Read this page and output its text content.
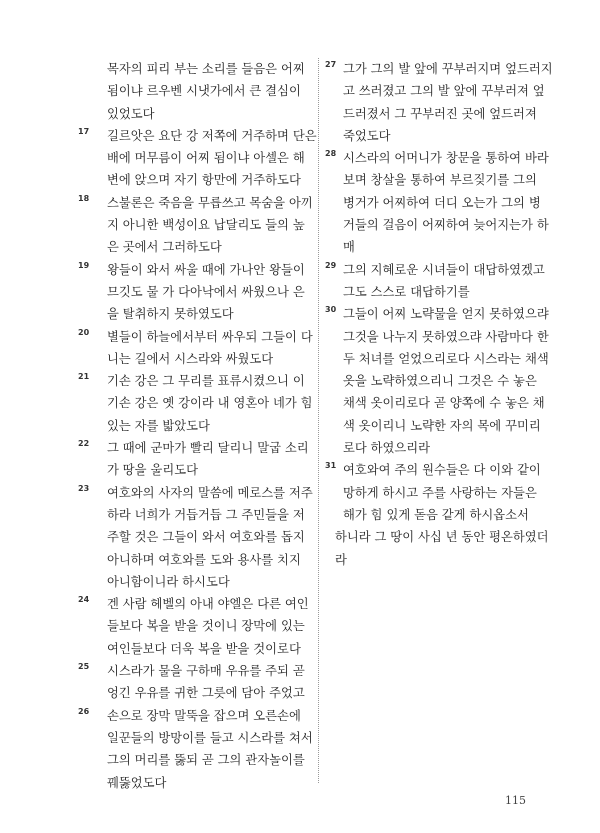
목자의 피리 부는 소리를 들음은 어찌
됨이냐 르우벤 시냇가에서 큰 결심이
있었도다
17	길르앗은 요단 강 저쪽에 거주하며 단은
배에 머무름이 어찌 됨이냐 아셀은 해
변에 앉으며 자기 항만에 거주하도다
18	스불론은 죽음을 무릅쓰고 목숨을 아끼
지 아니한 백성이요 납달리도 들의 높
은 곳에서 그러하도다
19	왕들이 와서 싸울 때에 가나안 왕들이
므깃도 물 가 다아낙에서 싸웠으나 은
을 탈취하지 못하였도다
20	별들이 하늘에서부터 싸우되 그들이 다
니는 길에서 시스라와 싸웠도다
21	기손 강은 그 무리를 표류시켰으니 이
기손 강은 옛 강이라 내 영혼아 네가 힘
있는 자를 밟았도다
22	그 때에 군마가 빨리 달리니 말굽 소리
가 땅을 울리도다
23	여호와의 사자의 말씀에 메로스를 저주
하라 너희가 거듭거듭 그 주민들을 저
주할 것은 그들이 와서 여호와를 돕지
아니하며 여호와를 도와 용사를 치지
아니함이니라 하시도다
24	겐 사람 헤벨의 아내 야엘은 다른 여인
들보다 복을 받을 것이니 장막에 있는
여인들보다 더욱 복을 받을 것이로다
25	시스라가 물을 구하매 우유를 주되 곧
엉긴 우유를 귀한 그릇에 담아 주었고
26	손으로 장막 말뚝을 잡으며 오른손에
일꾼들의 방망이를 들고 시스라를 쳐서
그의 머리를 뚫되 곧 그의 관자놀이를
꿰뚫었도다
27 그가 그의 발 앞에 꾸부러지며 엎드러지
고 쓰러졌고 그의 발 앞에 꾸부러져 엎
드러졌서 그 꾸부러진 곳에 엎드러져
죽었도다
28 시스라의 어머니가 창문을 통하여 바라
보며 창살을 통하여 부르짖기를 그의
병거가 어찌하여 더디 오는가 그의 병
거들의 걸음이 어찌하여 늦어지는가 하
매
29 그의 지혜로운 시녀들이 대답하였겠고
그도 스스로 대답하기를
30 그들이 어찌 노략물을 얻지 못하였으랴
그것을 나누지 못하였으랴 사람마다 한
두 처녀를 얻었으리로다 시스라는 채색
옷을 노략하였으리니 그것은 수 놓은
채색 옷이리로다 곧 양쪽에 수 놓은 채
색 옷이리니 노략한 자의 목에 꾸미리
로다 하였으리라
31 여호와여 주의 원수들은 다 이와 같이
망하게 하시고 주를 사랑하는 자들은
해가 힘 있게 돋음 같게 하시옵소서
하니라 그 땅이 사십 년 동안 평온하였더
라
115
